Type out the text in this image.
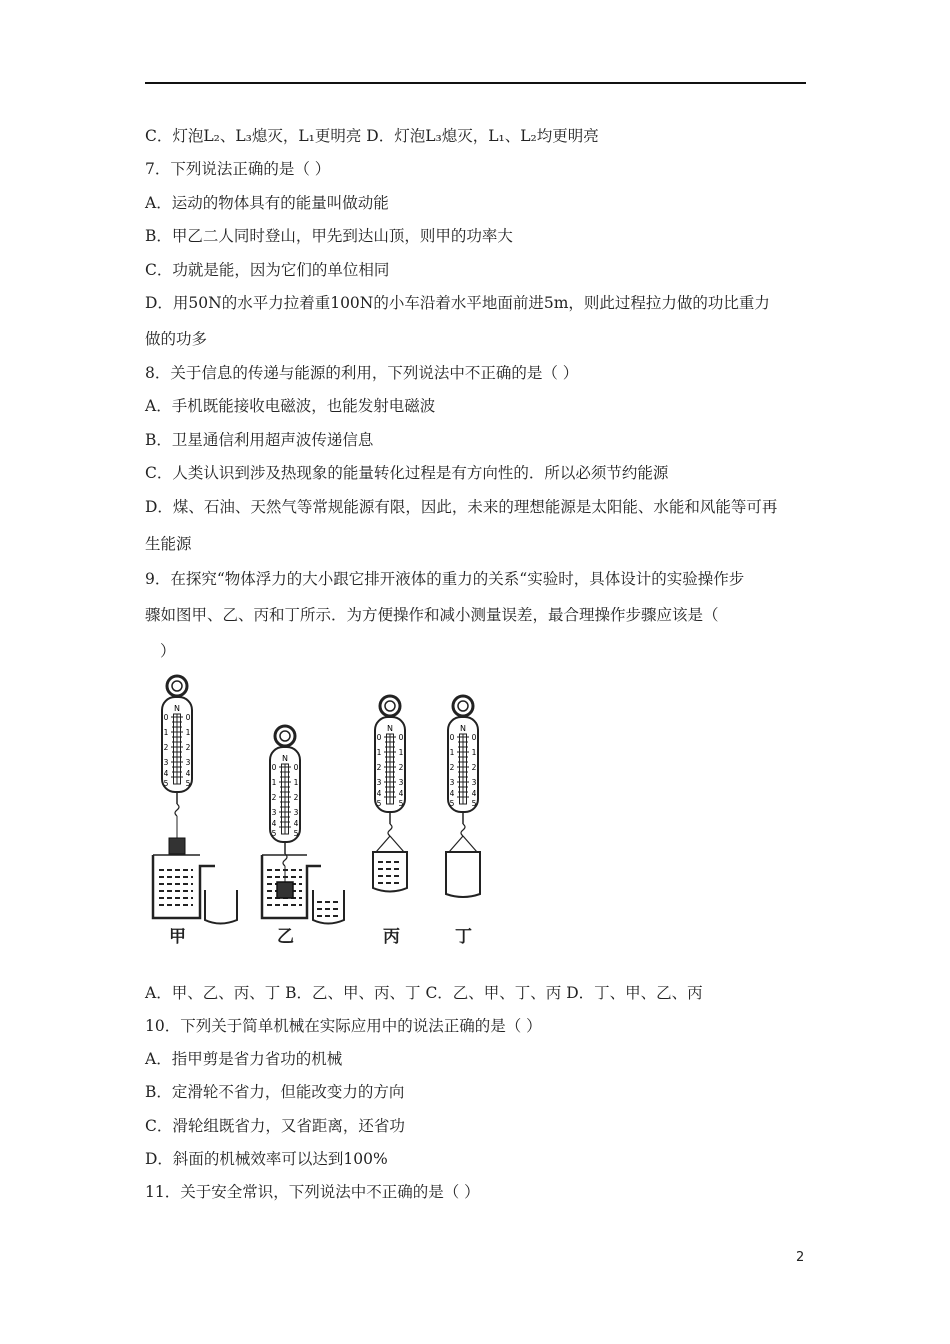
C．灯泡L₂、L₃熄灭，L₁更明亮 D．灯泡L₃熄灭，L₁、L₂均更明亮
7．下列说法正确的是（ ）
A．运动的物体具有的能量叫做动能
B．甲乙二人同时登山，甲先到达山顶，则甲的功率大
C．功就是能，因为它们的单位相同
D．用50N的水平力拉着重100N的小车沿着水平地面前进5m，则此过程拉力做的功比重力
做的功多
8．关于信息的传递与能源的利用，下列说法中不正确的是（ ）
A．手机既能接收电磁波，也能发射电磁波
B．卫星通信利用超声波传递信息
C．人类认识到涉及热现象的能量转化过程是有方向性的．所以必须节约能源
D．煤、石油、天然气等常规能源有限，因此，未来的理想能源是太阳能、水能和风能等可再
生能源
9．在探究“物体浮力的大小跟它排开液体的重力的关系“实验时，具体设计的实验操作步
骤如图甲、乙、丙和丁所示．为方便操作和减小测量误差，最合理操作步骤应该是（
）
N
0
1
2
3
4
5
0
1
2
3
4
5
N
0
1
2
3
4
5
0
1
2
3
4
5
N
0
1
2
3
4
5
0
1
2
3
4
5
N
0
1
2
3
4
5
0
1
2
3
4
5
甲	乙	丙	丁
A．甲、乙、丙、丁 B．乙、甲、丙、丁 C．乙、甲、丁、丙 D．丁、甲、乙、丙
10．下列关于简单机械在实际应用中的说法正确的是（ ）
A．指甲剪是省力省功的机械
B．定滑轮不省力，但能改变力的方向
C．滑轮组既省力，又省距离，还省功
D．斜面的机械效率可以达到100%
11．关于安全常识，下列说法中不正确的是（ ）
2
